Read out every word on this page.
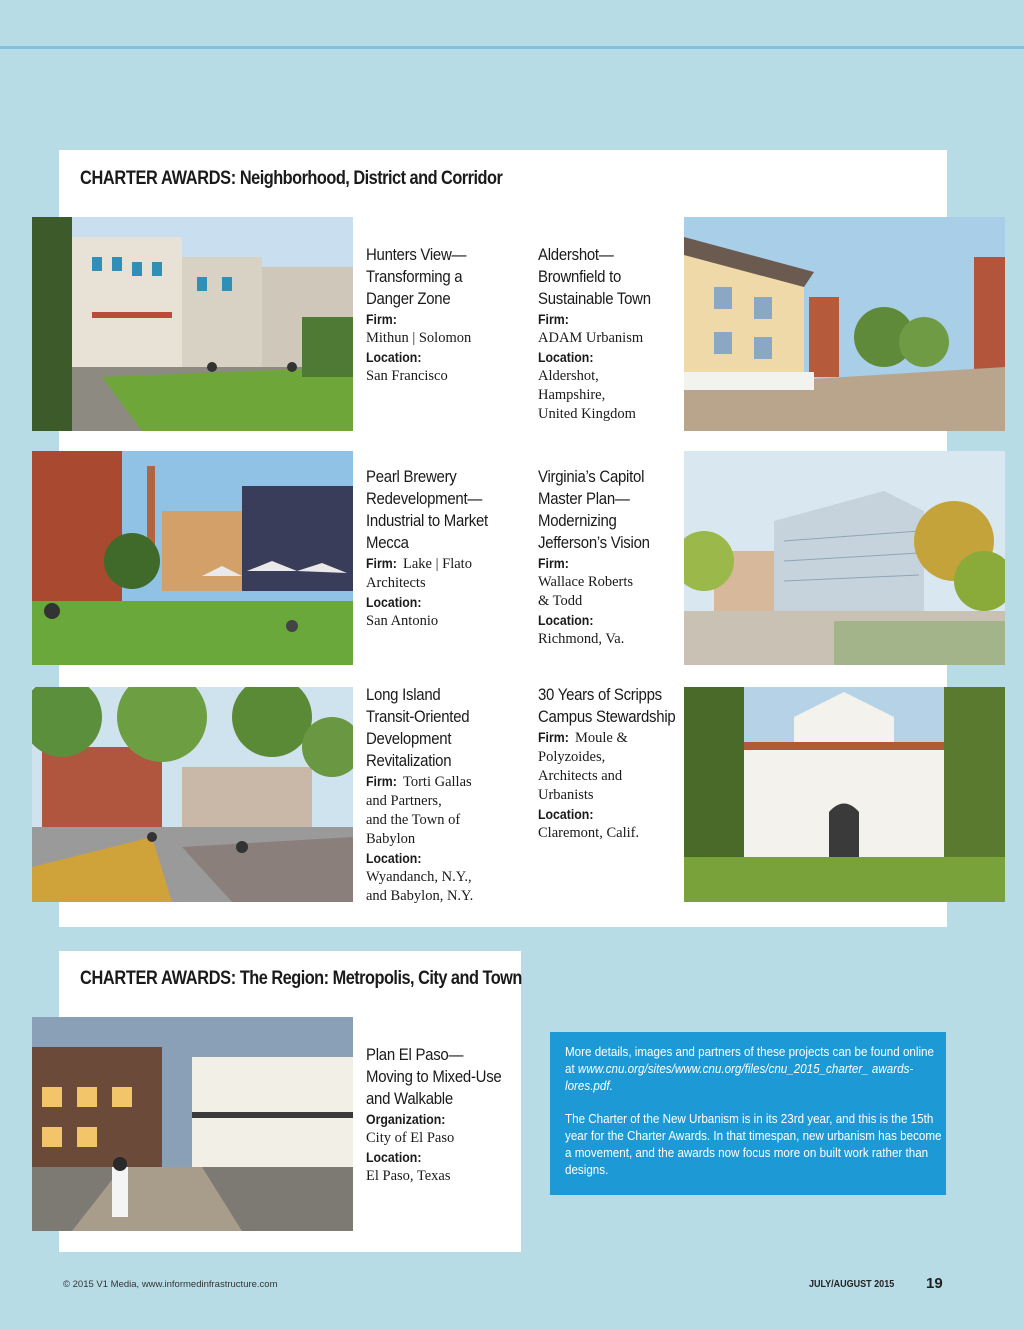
CHARTER AWARDS: Neighborhood, District and Corridor
Hunters View—
Transforming a
Danger Zone
Firm:
Mithun | Solomon
Location:
San Francisco
Aldershot—
Brownfield to
Sustainable Town
Firm:
ADAM Urbanism
Location:
Aldershot,
Hampshire,
United Kingdom
Pearl Brewery
Redevelopment—
Industrial to Market
Mecca
Firm: Lake | Flato
Architects
Location:
San Antonio
Virginia’s Capitol
Master Plan—
Modernizing
Jefferson’s Vision
Firm:
Wallace Roberts
& Todd
Location:
Richmond, Va.
Long Island
Transit-Oriented
Development
Revitalization
Firm: Torti Gallas
and Partners,
and the Town of
Babylon
Location:
Wyandanch, N.Y.,
and Babylon, N.Y.
30 Years of Scripps
Campus Stewardship
Firm: Moule &
Polyzoides,
Architects and
Urbanists
Location:
Claremont, Calif.
CHARTER AWARDS: The Region: Metropolis, City and Town
Plan El Paso—
Moving to Mixed-Use
and Walkable
Organization:
City of El Paso
Location:
El Paso, Texas

More details, images and partners of these projects can be found online at www.cnu.org/sites/www.cnu.org/files/cnu_2015_charter_ awards-lores.pdf.

The Charter of the New Urbanism is in its 23rd year, and this is the 15th year for the Charter Awards. In that timespan, new urbanism has become a movement, and the awards now focus more on built work rather than designs.

© 2015 V1 Media, www.informedinfrastructure.com	JULY/AUGUST 2015 19
